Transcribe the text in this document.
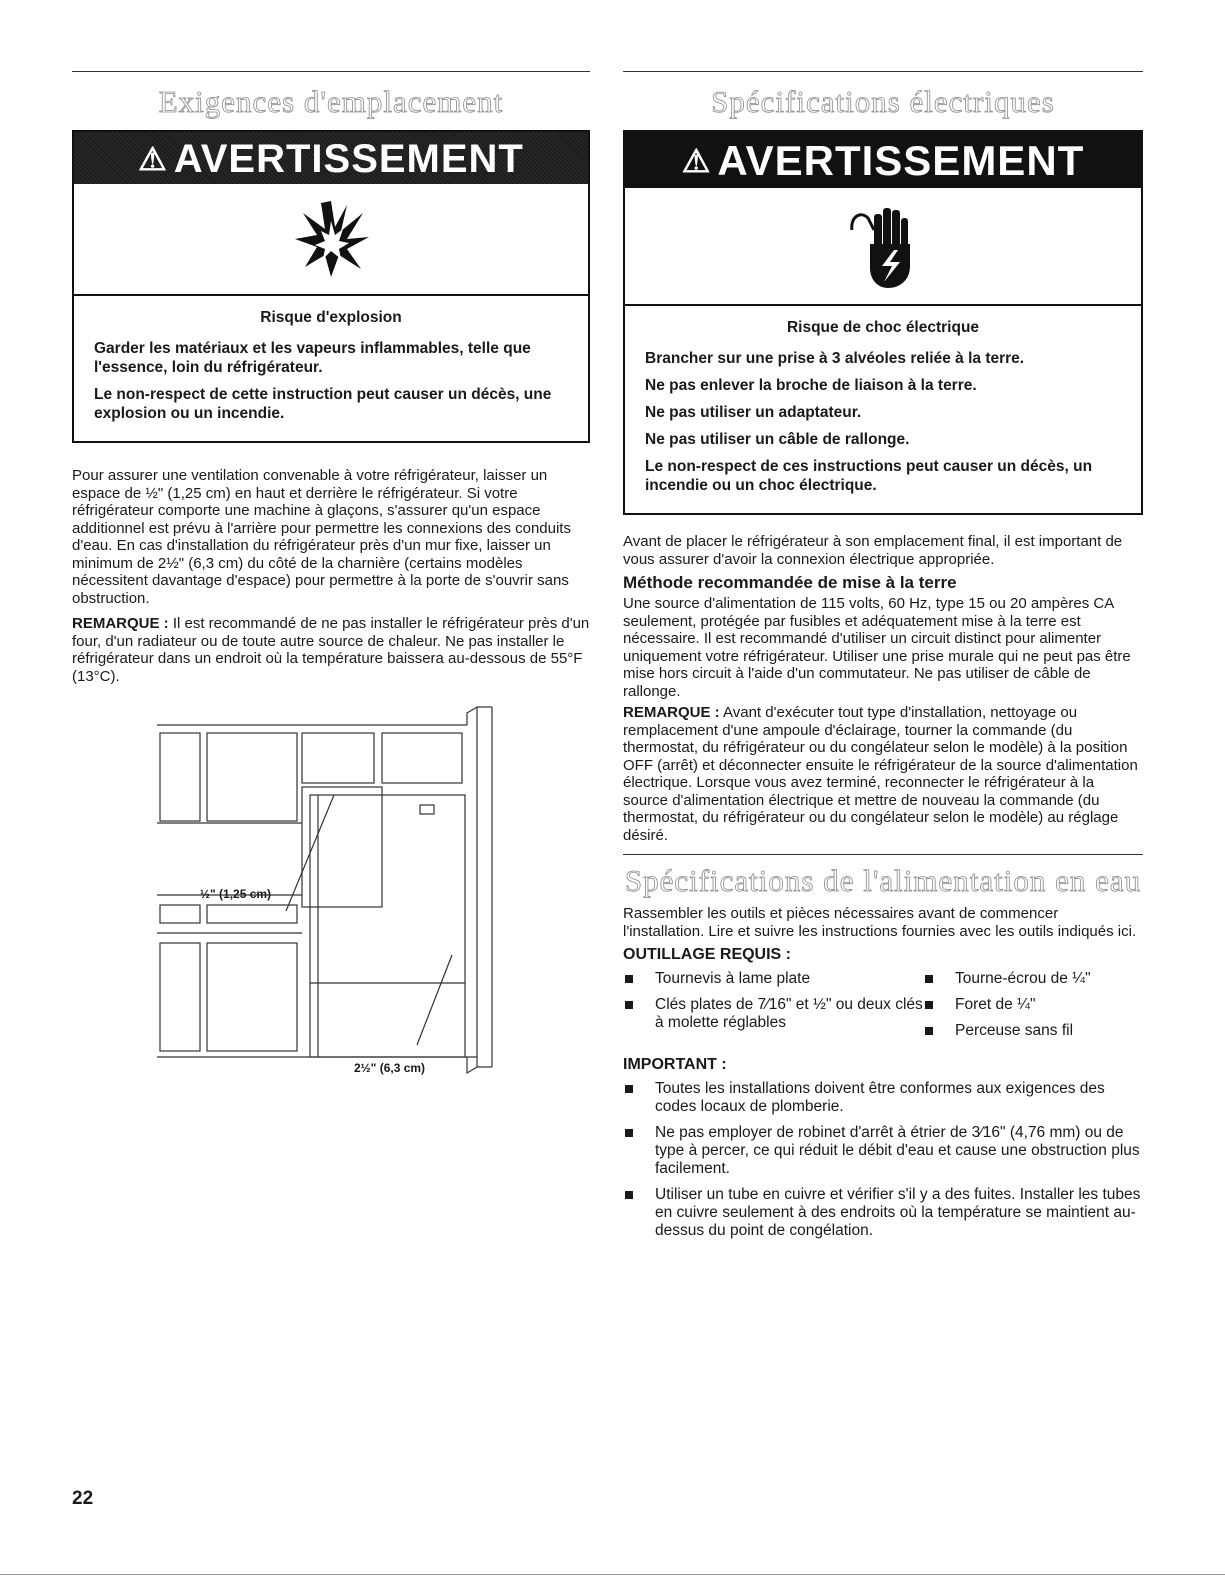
Exigences d'emplacement
⚠ AVERTISSEMENT
Risque d'explosion

Garder les matériaux et les vapeurs inflammables, telle que l'essence, loin du réfrigérateur.

Le non-respect de cette instruction peut causer un décès, une explosion ou un incendie.

Pour assurer une ventilation convenable à votre réfrigérateur, laisser un espace de ½" (1,25 cm) en haut et derrière le réfrigérateur. Si votre réfrigérateur comporte une machine à glaçons, s'assurer qu'un espace additionnel est prévu à l'arrière pour permettre les connexions des conduits d'eau. En cas d'installation du réfrigérateur près d'un mur fixe, laisser un minimum de 2½" (6,3 cm) du côté de la charnière (certains modèles nécessitent davantage d'espace) pour permettre à la porte de s'ouvrir sans obstruction.

REMARQUE : Il est recommandé de ne pas installer le réfrigérateur près d'un four, d'un radiateur ou de toute autre source de chaleur. Ne pas installer le réfrigérateur dans un endroit où la température baissera au-dessous de 55°F (13°C).

½" (1,25 cm)
2½" (6,3 cm)
Spécifications électriques
⚠ AVERTISSEMENT
Risque de choc électrique

Brancher sur une prise à 3 alvéoles reliée à la terre.

Ne pas enlever la broche de liaison à la terre.

Ne pas utiliser un adaptateur.

Ne pas utiliser un câble de rallonge.

Le non-respect de ces instructions peut causer un décès, un incendie ou un choc électrique.

Avant de placer le réfrigérateur à son emplacement final, il est important de vous assurer d'avoir la connexion électrique appropriée.

Méthode recommandée de mise à la terre

Une source d'alimentation de 115 volts, 60 Hz, type 15 ou 20 ampères CA seulement, protégée par fusibles et adéquatement mise à la terre est nécessaire. Il est recommandé d'utiliser un circuit distinct pour alimenter uniquement votre réfrigérateur. Utiliser une prise murale qui ne peut pas être mise hors circuit à l'aide d'un commutateur. Ne pas utiliser de câble de rallonge.

REMARQUE : Avant d'exécuter tout type d'installation, nettoyage ou remplacement d'une ampoule d'éclairage, tourner la commande (du thermostat, du réfrigérateur ou du congélateur selon le modèle) à la position OFF (arrêt) et déconnecter ensuite le réfrigérateur de la source d'alimentation électrique. Lorsque vous avez terminé, reconnecter le réfrigérateur à la source d'alimentation électrique et mettre de nouveau la commande (du thermostat, du réfrigérateur ou du congélateur selon le modèle) au réglage désiré.

Spécifications de l'alimentation en eau

Rassembler les outils et pièces nécessaires avant de commencer l'installation. Lire et suivre les instructions fournies avec les outils indiqués ici.

OUTILLAGE REQUIS :
Tournevis à lame plate
Clés plates de 7⁄16" et ½" ou deux clés à molette réglables
Tourne-écrou de ¼"
Foret de ¼"
Perceuse sans fil
IMPORTANT :
Toutes les installations doivent être conformes aux exigences des codes locaux de plomberie.
Ne pas employer de robinet d'arrêt à étrier de 3⁄16" (4,76 mm) ou de type à percer, ce qui réduit le débit d'eau et cause une obstruction plus facilement.
Utiliser un tube en cuivre et vérifier s'il y a des fuites. Installer les tubes en cuivre seulement à des endroits où la température se maintient au-dessus du point de congélation.
22
